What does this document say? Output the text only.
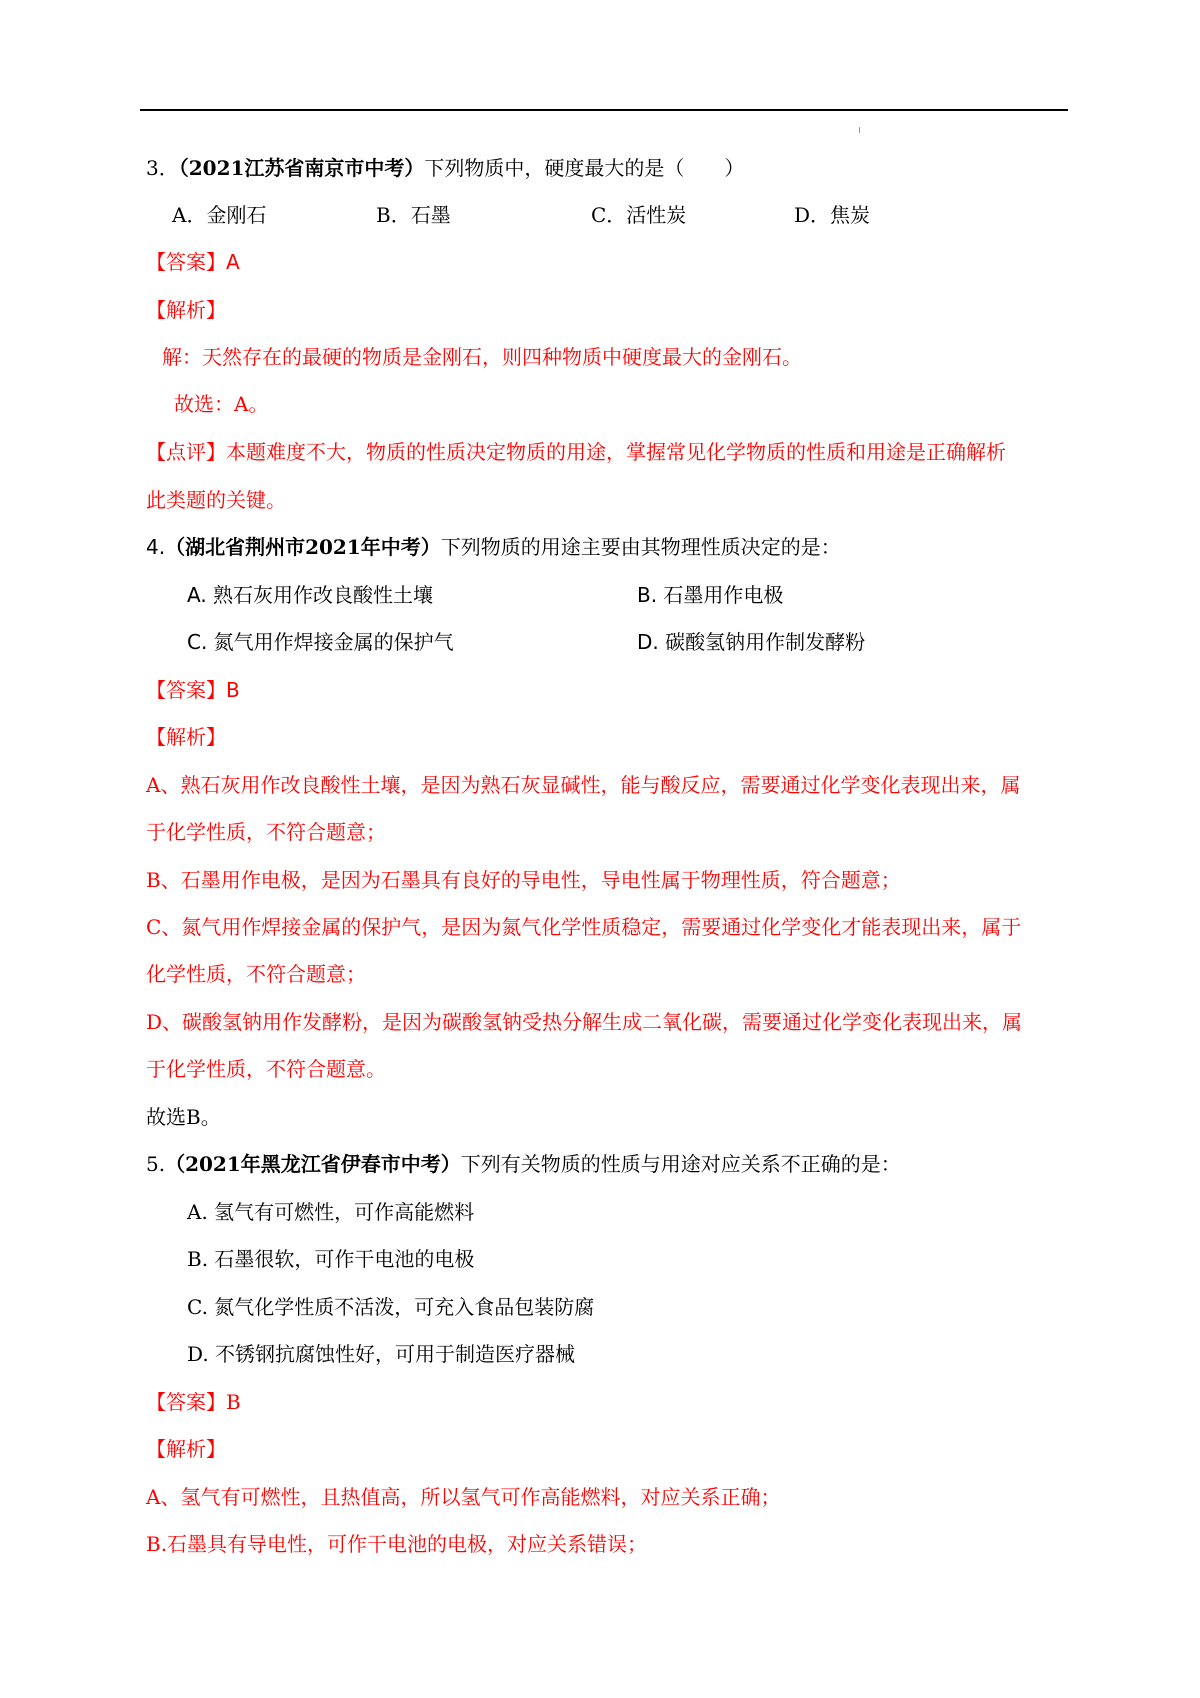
3．（2021江苏省南京市中考）下列物质中，硬度最大的是（　　）
A．金刚石	B．石墨	C．活性炭	D．焦炭
【答案】A
【解析】
解：天然存在的最硬的物质是金刚石，则四种物质中硬度最大的金刚石。
故选：A。
【点评】本题难度不大，物质的性质决定物质的用途，掌握常见化学物质的性质和用途是正确解析
此类题的关键。
4.（湖北省荆州市2021年中考）下列物质的用途主要由其物理性质决定的是：
A. 熟石灰用作改良酸性土壤	B. 石墨用作电极
C. 氮气用作焊接金属的保护气	D. 碳酸氢钠用作制发酵粉
【答案】B
【解析】
A、熟石灰用作改良酸性土壤，是因为熟石灰显碱性，能与酸反应，需要通过化学变化表现出来，属
于化学性质，不符合题意；
B、石墨用作电极，是因为石墨具有良好的导电性，导电性属于物理性质，符合题意；
C、氮气用作焊接金属的保护气，是因为氮气化学性质稳定，需要通过化学变化才能表现出来，属于
化学性质，不符合题意；
D、碳酸氢钠用作发酵粉，是因为碳酸氢钠受热分解生成二氧化碳，需要通过化学变化表现出来，属
于化学性质，不符合题意。
故选B。
5.（2021年黑龙江省伊春市中考）下列有关物质的性质与用途对应关系不正确的是：
A. 氢气有可燃性，可作高能燃料
B. 石墨很软，可作干电池的电极
C. 氮气化学性质不活泼，可充入食品包装防腐
D. 不锈钢抗腐蚀性好，可用于制造医疗器械
【答案】B
【解析】
A、氢气有可燃性，且热值高，所以氢气可作高能燃料，对应关系正确；
B.石墨具有导电性，可作干电池的电极，对应关系错误；
